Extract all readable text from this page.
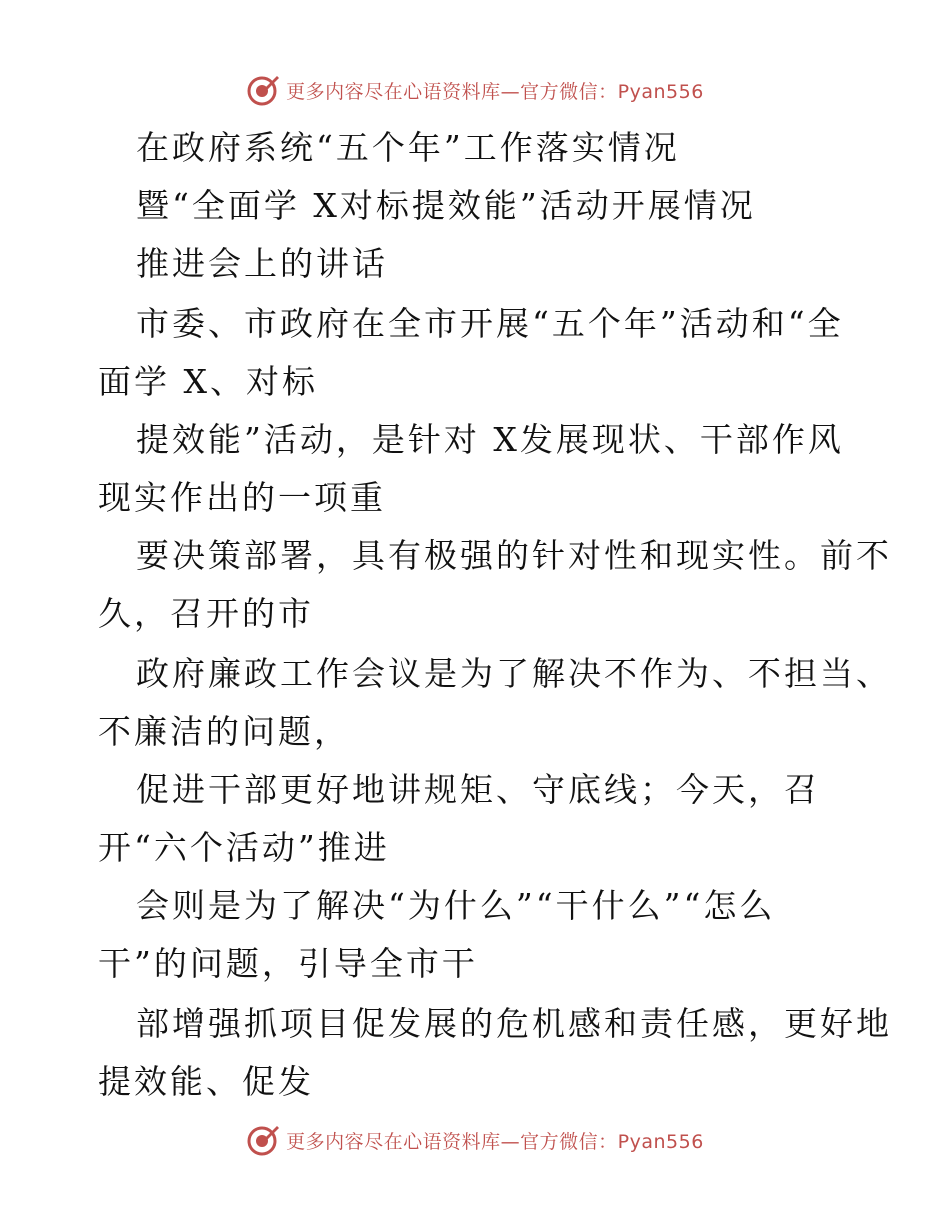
更多内容尽在心语资料库—官方微信：Pyan556
在政府系统“五个年”工作落实情况
暨“全面学 X对标提效能”活动开展情况
推进会上的讲话
市委、市政府在全市开展“五个年”活动和“全
面学 X、对标
提效能”活动，是针对 X发展现状、干部作风
现实作出的一项重
要决策部署，具有极强的针对性和现实性。前不
久，召开的市
政府廉政工作会议是为了解决不作为、不担当、
不廉洁的问题，
促进干部更好地讲规矩、守底线；今天，召
开“六个活动”推进
会则是为了解决“为什么”“干什么”“怎么
干”的问题，引导全市干
部增强抓项目促发展的危机感和责任感，更好地
提效能、促发
更多内容尽在心语资料库—官方微信：Pyan556
